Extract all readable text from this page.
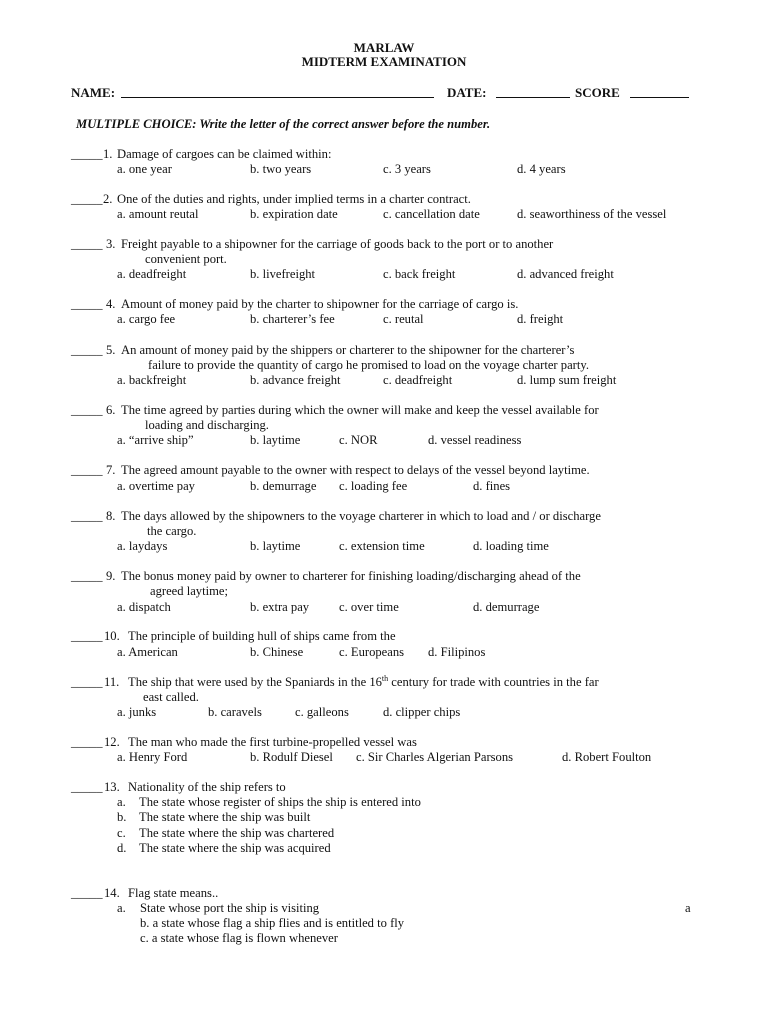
MARLAW
MIDTERM EXAMINATION
NAME:	DATE:	SCORE
MULTIPLE CHOICE: Write the letter of the correct answer before the number.
_____ 1. Damage of cargoes can be claimed within:
a. one year	b. two years	c. 3 years	d. 4 years
_____ 2. One of the duties and rights, under implied terms in a charter contract.
a. amount reutal	b. expiration date	c. cancellation date	d. seaworthiness of the vessel
_____ 3. Freight payable to a shipowner for the carriage of goods back to the port or to another
convenient port.
a. deadfreight	b. livefreight	c. back freight	d. advanced freight
_____ 4. Amount of money paid by the charter to shipowner for the carriage of cargo is.
a. cargo fee	b. charterer’s fee	c. reutal	d. freight
_____ 5. An amount of money paid by the shippers or charterer to the shipowner for the charterer’s
failure to provide the quantity of cargo he promised to load on the voyage charter party.
a. backfreight	b. advance freight	c. deadfreight	d. lump sum freight
_____ 6. The time agreed by parties during which the owner will make and keep the vessel available for
loading and discharging.
a. “arrive ship”	b. laytime	c. NOR	d. vessel readiness
_____ 7. The agreed amount payable to the owner with respect to delays of the vessel beyond laytime.
a. overtime pay	b. demurrage c. loading fee	d. fines
_____ 8. The days allowed by the shipowners to the voyage charterer in which to load and / or discharge
the cargo.
a. laydays	b. laytime	c. extension time	d. loading time
_____ 9. The bonus money paid by owner to charterer for finishing loading/discharging ahead of the
agreed laytime;
a. dispatch	b. extra pay c. over time	d. demurrage
_____ 10. The principle of building hull of ships came from the
a. American	b. Chinese	c. Europeans d. Filipinos
_____ 11. The ship that were used by the Spaniards in the 16th century for trade with countries in the far
east called.
a. junks	b. caravels	c. galleons	d. clipper chips
_____ 12. The man who made the first turbine-propelled vessel was
a. Henry Ford	b. Rodulf Diesel c. Sir Charles Algerian Parsons	d. Robert Foulton
_____ 13. Nationality of the ship refers to
a. The state whose register of ships the ship is entered into
b. The state where the ship was built
c. The state where the ship was chartered
d. The state where the ship was acquired
_____ 14. Flag state means..
a. State whose port the ship is visiting	a
b. a state whose flag a ship flies and is entitled to fly
c. a state whose flag is flown whenever
